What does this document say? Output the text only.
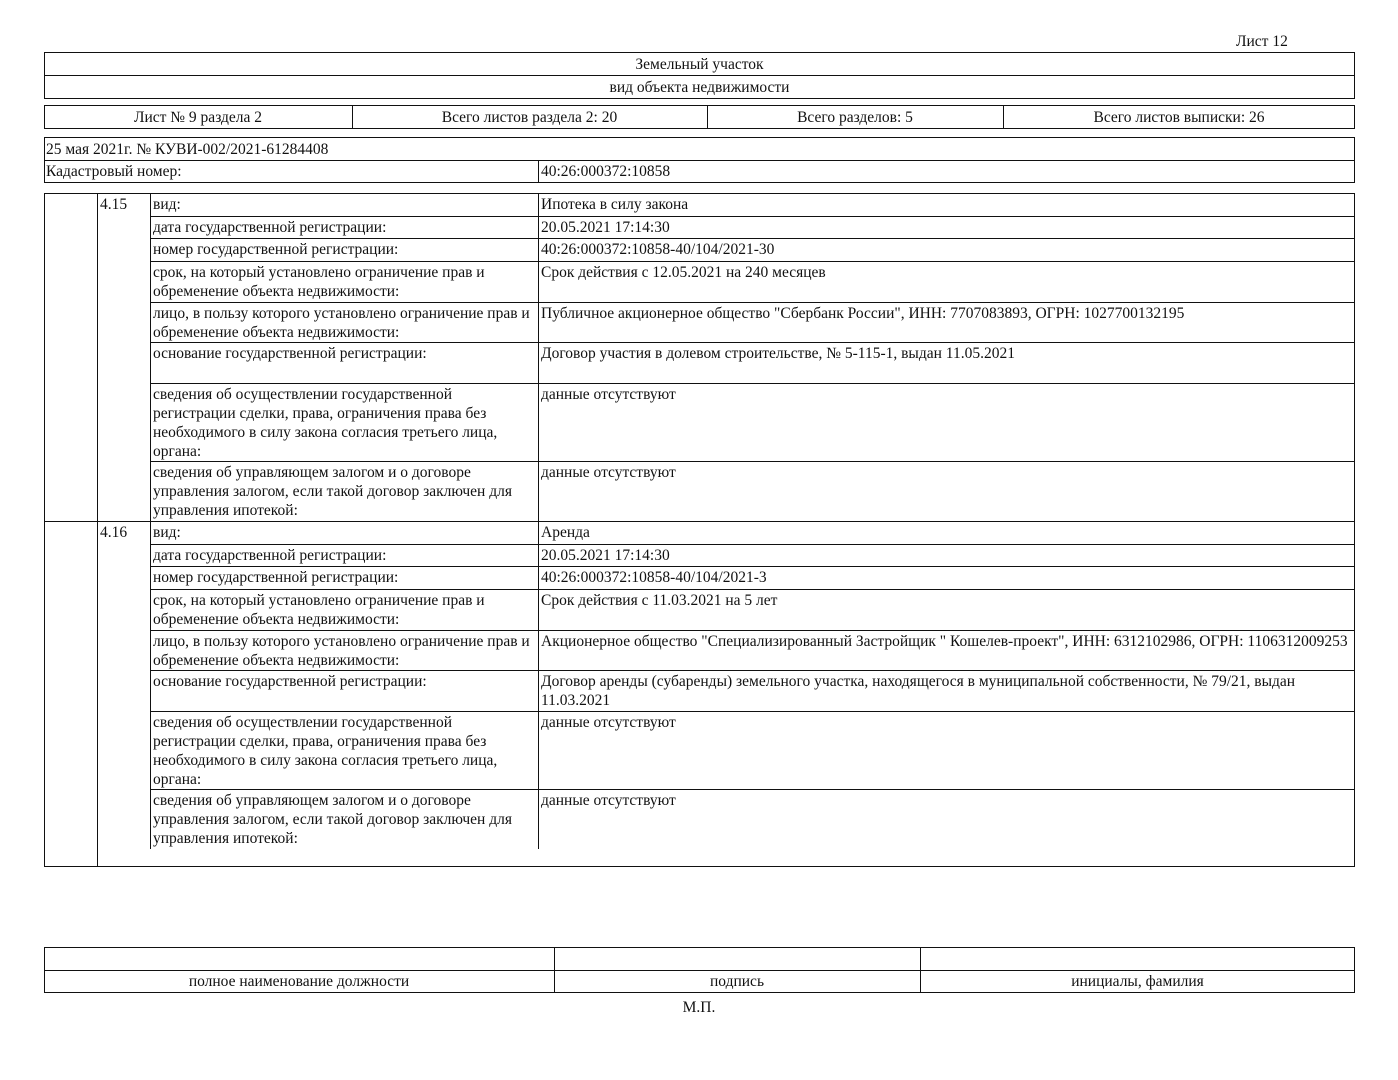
Лист 12
Земельный участок
вид объекта недвижимости
Лист № 9 раздела 2	Всего листов раздела 2: 20	Всего разделов: 5	Всего листов выписки: 26
25 мая 2021г. № КУВИ-002/2021-61284408
Кадастровый номер:	40:26:000372:10858
4.15	вид:	Ипотека в силу закона
дата государственной регистрации:	20.05.2021 17:14:30
номер государственной регистрации:	40:26:000372:10858-40/104/2021-30
срок, на который установлено ограничение прав и обременение объекта недвижимости:
Срок действия с 12.05.2021 на 240 месяцев
лицо, в пользу которого установлено ограничение прав и обременение объекта недвижимости:
Публичное акционерное общество "Сбербанк России", ИНН: 7707083893, ОГРН: 1027700132195
основание государственной регистрации:	Договор участия в долевом строительстве, № 5-115-1, выдан 11.05.2021
сведения об осуществлении государственной регистрации сделки, права, ограничения права без необходимого в силу закона согласия третьего лица, органа:
данные отсутствуют
сведения об управляющем залогом и о договоре управления залогом, если такой договор заключен для управления ипотекой:
данные отсутствуют
4.16	вид:	Аренда
дата государственной регистрации:	20.05.2021 17:14:30
номер государственной регистрации:	40:26:000372:10858-40/104/2021-3
срок, на который установлено ограничение прав и обременение объекта недвижимости:
Срок действия с 11.03.2021 на 5 лет
лицо, в пользу которого установлено ограничение прав и обременение объекта недвижимости:
Акционерное общество "Специализированный Застройщик " Кошелев-проект", ИНН: 6312102986, ОГРН: 1106312009253
основание государственной регистрации:	Договор аренды (субаренды) земельного участка, находящегося в муниципальной собственности, № 79/21, выдан 11.03.2021
сведения об осуществлении государственной регистрации сделки, права, ограничения права без необходимого в силу закона согласия третьего лица, органа:
данные отсутствуют
сведения об управляющем залогом и о договоре управления залогом, если такой договор заключен для управления ипотекой:
данные отсутствуют
полное наименование должности	подпись	инициалы, фамилия
М.П.
